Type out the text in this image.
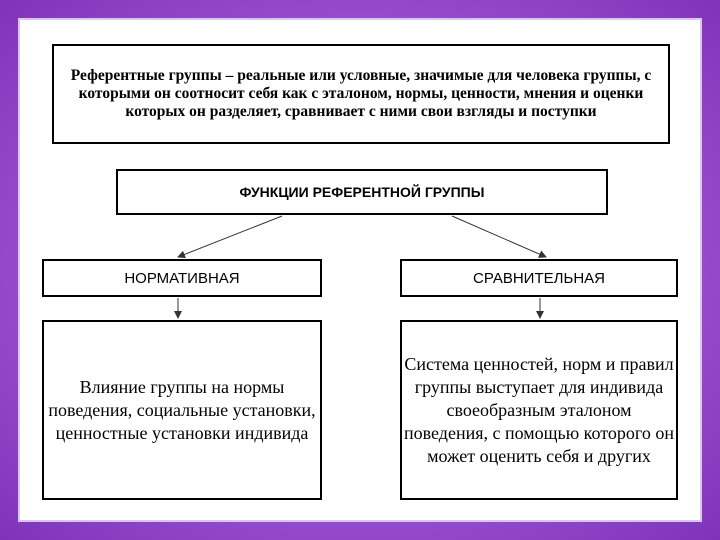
Референтные группы – реальные или условные, значимые для человека группы, с которыми он соотносит себя как с эталоном, нормы, ценности, мнения и оценки которых он разделяет, сравнивает с ними свои взгляды и поступки
ФУНКЦИИ РЕФЕРЕНТНОЙ ГРУППЫ
НОРМАТИВНАЯ	СРАВНИТЕЛЬНАЯ
Влияние группы на нормы поведения, социальные установки, ценностные установки индивида
Система ценностей, норм и правил группы выступает для индивида своеобразным эталоном поведения, с помощью которого он может оценить себя и других
